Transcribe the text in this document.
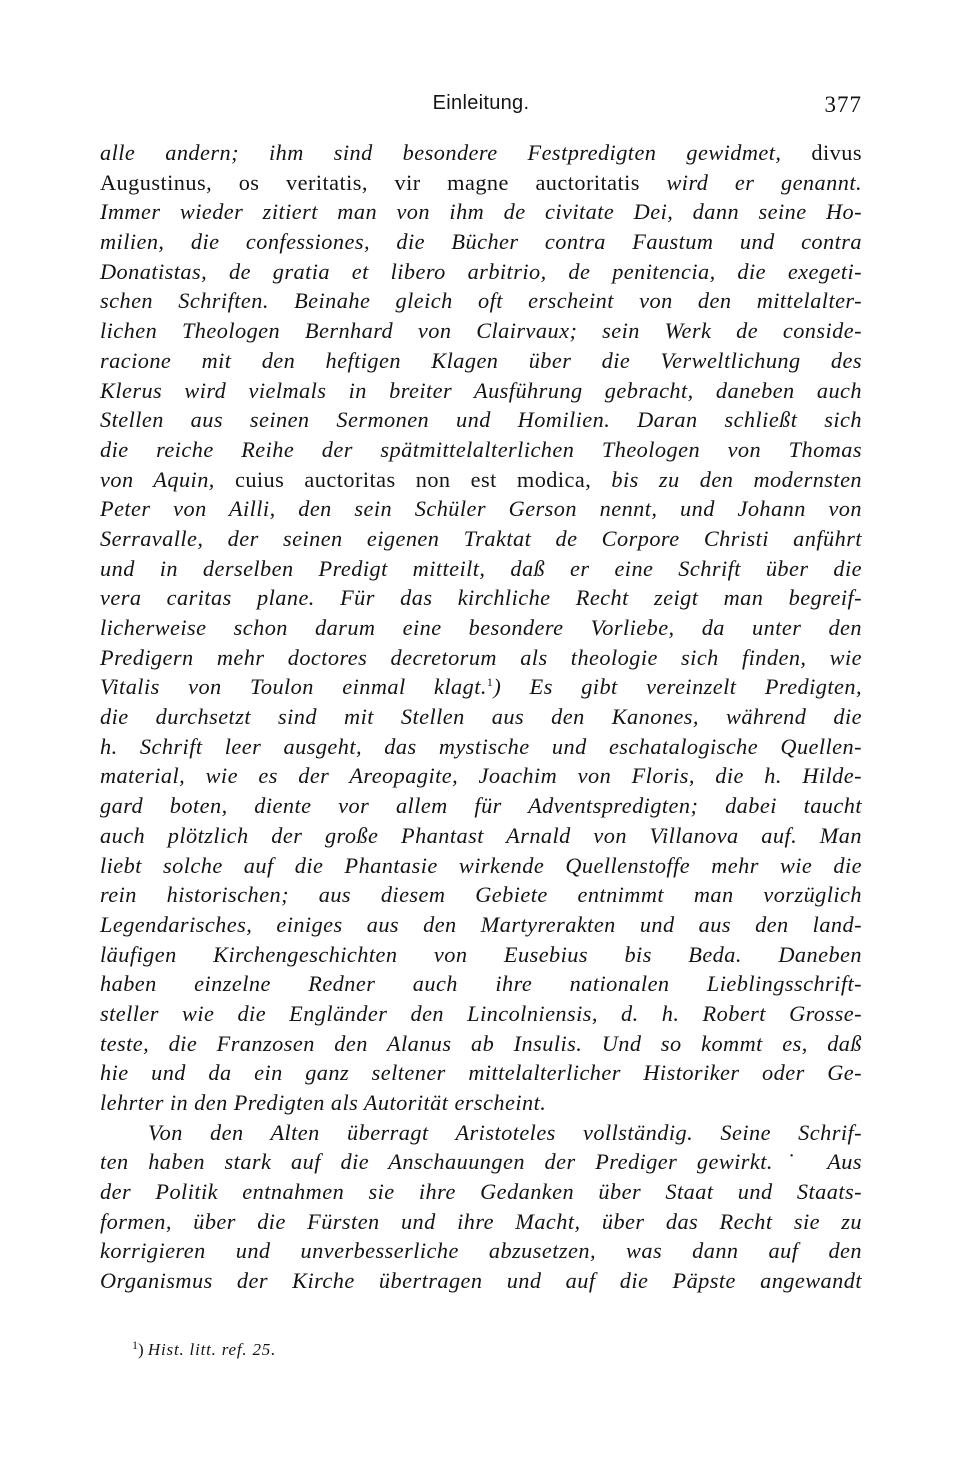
Einleitung.	377
alle andern; ihm sind besondere Festpredigten gewidmet, divus
Augustinus, os veritatis, vir magne auctoritatis wird er genannt.
Immer wieder zitiert man von ihm de civitate Dei, dann seine Ho-
milien, die confessiones, die Bücher contra Faustum und contra
Donatistas, de gratia et libero arbitrio, de penitencia, die exegeti-
schen Schriften. Beinahe gleich oft erscheint von den mittelalter-
lichen Theologen Bernhard von Clairvaux; sein Werk de conside-
racione mit den heftigen Klagen über die Verweltlichung des
Klerus wird vielmals in breiter Ausführung gebracht, daneben auch
Stellen aus seinen Sermonen und Homilien. Daran schließt sich
die reiche Reihe der spätmittelalterlichen Theologen von Thomas
von Aquin, cuius auctoritas non est modica, bis zu den modernsten
Peter von Ailli, den sein Schüler Gerson nennt, und Johann von
Serravalle, der seinen eigenen Traktat de Corpore Christi anführt
und in derselben Predigt mitteilt, daß er eine Schrift über die
vera caritas plane. Für das kirchliche Recht zeigt man begreif-
licherweise schon darum eine besondere Vorliebe, da unter den
Predigern mehr doctores decretorum als theologie sich finden, wie
Vitalis von Toulon einmal klagt.$^1$) Es gibt vereinzelt Predigten,
die durchsetzt sind mit Stellen aus den Kanones, während die
h. Schrift leer ausgeht, das mystische und eschatalogische Quellen-
material, wie es der Areopagite, Joachim von Floris, die h. Hilde-
gard boten, diente vor allem für Adventspredigten; dabei taucht
auch plötzlich der große Phantast Arnald von Villanova auf. Man
liebt solche auf die Phantasie wirkende Quellenstoffe mehr wie die
rein historischen; aus diesem Gebiete entnimmt man vorzüglich
Legendarisches, einiges aus den Martyrerakten und aus den land-
läufigen Kirchengeschichten von Eusebius bis Beda. Daneben
haben einzelne Redner auch ihre nationalen Lieblingsschrift-
steller wie die Engländer den Lincolniensis, d. h. Robert Grosse-
teste, die Franzosen den Alanus ab Insulis. Und so kommt es, daß
hie und da ein ganz seltener mittelalterlicher Historiker oder Ge-
lehrter in den Predigten als Autorität erscheint.
Von den Alten überragt Aristoteles vollständig. Seine Schrif-
ten haben stark auf die Anschauungen der Prediger gewirkt.˙ Aus
der Politik entnahmen sie ihre Gedanken über Staat und Staats-
formen, über die Fürsten und ihre Macht, über das Recht sie zu
korrigieren und unverbesserliche abzusetzen, was dann auf den
Organismus der Kirche übertragen und auf die Päpste angewandt
$^1$) Hist. litt. ref. 25.
